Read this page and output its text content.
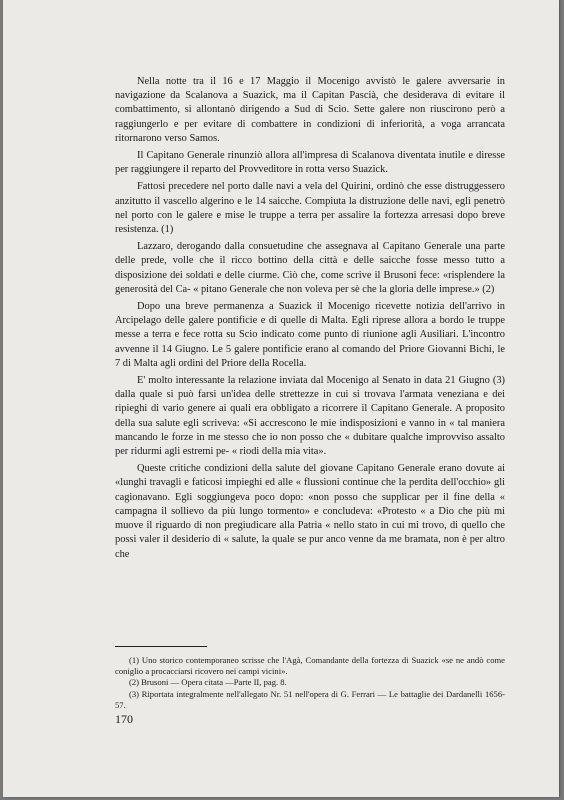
Nella notte tra il 16 e 17 Maggio il Mocenigo avvistò le galere avversarie in navigazione da Scalanova a Suazick, ma il Capitan Pascià, che desiderava di evitare il combattimento, si allontanò dirigendo a Sud di Scio. Sette galere non riuscirono però a raggiungerlo e per evitare di combattere in condizioni di inferiorità, a voga arrancata ritornarono verso Samos.

Il Capitano Generale rinunziò allora all'impresa di Scalanova diventata inutile e diresse per raggiungere il reparto del Provveditore in rotta verso Suazick.

Fattosi precedere nel porto dalle navi a vela del Quirini, ordinò che esse distruggessero anzitutto il vascello algerino e le 14 saicche. Compiuta la distruzione delle navi, egli penetrò nel porto con le galere e mise le truppe a terra per assalire la fortezza arresasi dopo breve resistenza. (1)

Lazzaro, derogando dalla consuetudine che assegnava al Capitano Generale una parte delle prede, volle che il ricco bottino della città e delle saicche fosse messo tutto a disposizione dei soldati e delle ciurme. Ciò che, come scrive il Brusoni fece: «risplendere la generosità del Ca- « pitano Generale che non voleva per sè che la gloria delle imprese.» (2)

Dopo una breve permanenza a Suazick il Mocenigo ricevette notizia dell'arrivo in Arcipelago delle galere pontificie e di quelle di Malta. Egli riprese allora a bordo le truppe messe a terra e fece rotta su Scio indicato come punto di riunione agli Ausiliari. L'incontro avvenne il 14 Giugno. Le 5 galere pontificie erano al comando del Priore Giovanni Bichi, le 7 di Malta agli ordini del Priore della Rocella.

E' molto interessante la relazione inviata dal Mocenigo al Senato in data 21 Giugno (3) dalla quale si può farsi un'idea delle strettezze in cui si trovava l'armata veneziana e dei ripieghi di vario genere ai quali era obbligato a ricorrere il Capitano Generale. A proposito della sua salute egli scriveva: «Si accrescono le mie indisposizioni e vanno in « tal maniera mancando le forze in me stesso che io non posso che « dubitare qualche improvviso assalto per ridurmi agli estremi pe- « riodi della mia vita».

Queste critiche condizioni della salute del giovane Capitano Generale erano dovute ai «lunghi travagli e faticosi impieghi ed alle « flussioni continue che la perdita dell'occhio» gli cagionavano. Egli soggiungeva poco dopo: «non posso che supplicar per il fine della « campagna il sollievo da più lungo tormento» e concludeva: «Protesto « a Dio che più mi muove il riguardo di non pregiudicare alla Patria « nello stato in cui mi trovo, di quello che possi valer il desiderio di « salute, la quale se pur anco venne da me bramata, non è per altro che

(1) Uno storico contemporaneo scrisse che l'Agà, Comandante della fortezza di Suazick «se ne andò come coniglio a procacciarsi ricovero nei campi vicini».

(2) Brusoni — Opera citata —Parte II, pag. 8.

(3) Riportata integralmente nell'allegato Nr. 51 nell'opera di G. Ferrari — Le battaglie dei Dardanelli 1656-57.

170
